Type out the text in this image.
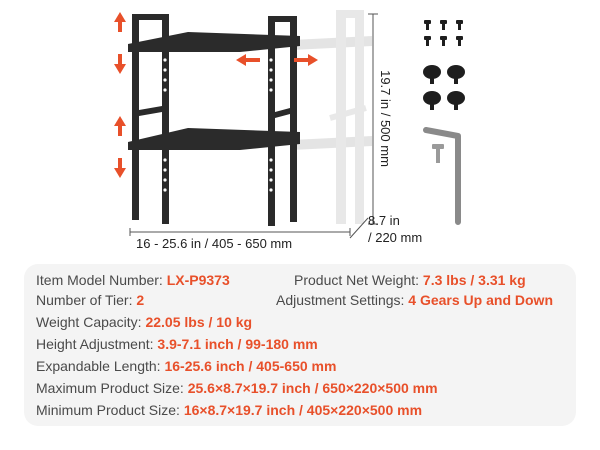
19.7 in / 500 mm
16 - 25.6 in / 405 - 650 mm
8.7 in
/ 220 mm
Item Model Number: LX-P9373	Product Net Weight: 7.3 lbs / 3.31 kg
Number of Tier: 2	Adjustment Settings: 4 Gears Up and Down
Weight Capacity: 22.05 lbs / 10 kg
Height Adjustment: 3.9-7.1 inch / 99-180 mm
Expandable Length: 16-25.6 inch / 405-650 mm
Maximum Product Size: 25.6×8.7×19.7 inch / 650×220×500 mm
Minimum Product Size: 16×8.7×19.7 inch / 405×220×500 mm
